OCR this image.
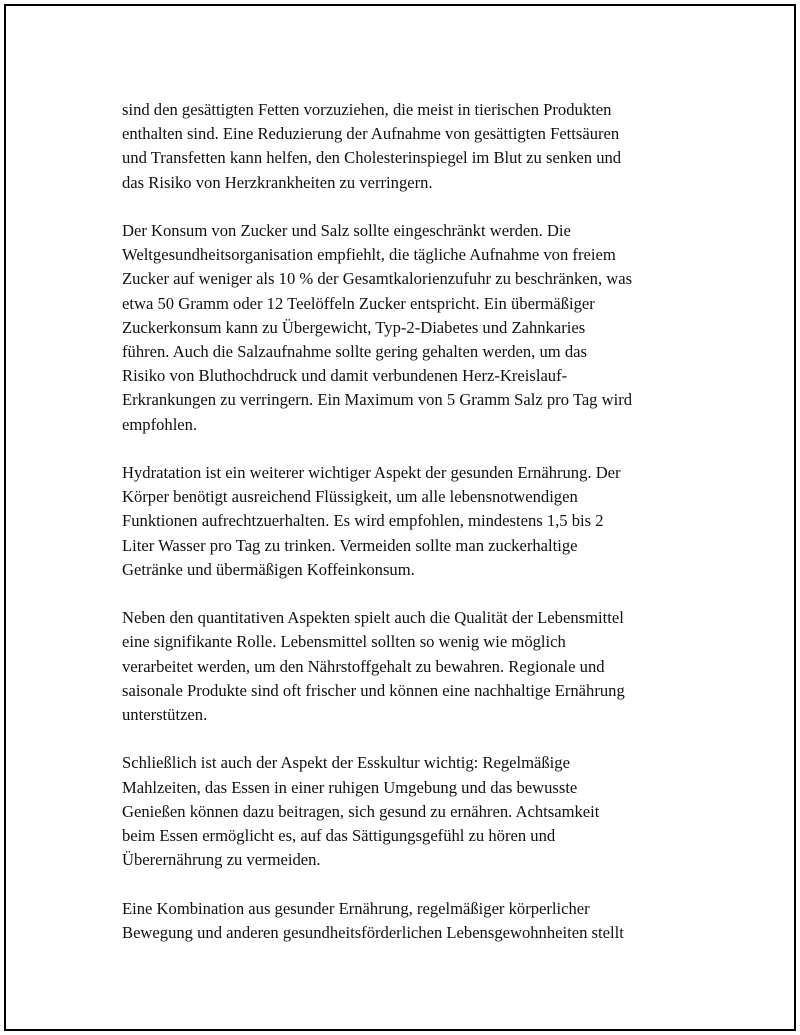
sind den gesättigten Fetten vorzuziehen, die meist in tierischen Produkten
enthalten sind. Eine Reduzierung der Aufnahme von gesättigten Fettsäuren
und Transfetten kann helfen, den Cholesterinspiegel im Blut zu senken und
das Risiko von Herzkrankheiten zu verringern.

Der Konsum von Zucker und Salz sollte eingeschränkt werden. Die
Weltgesundheitsorganisation empfiehlt, die tägliche Aufnahme von freiem
Zucker auf weniger als 10 % der Gesamtkalorienzufuhr zu beschränken, was
etwa 50 Gramm oder 12 Teelöffeln Zucker entspricht. Ein übermäßiger
Zuckerkonsum kann zu Übergewicht, Typ-2-Diabetes und Zahnkaries
führen. Auch die Salzaufnahme sollte gering gehalten werden, um das
Risiko von Bluthochdruck und damit verbundenen Herz-Kreislauf-
Erkrankungen zu verringern. Ein Maximum von 5 Gramm Salz pro Tag wird
empfohlen.

Hydratation ist ein weiterer wichtiger Aspekt der gesunden Ernährung. Der
Körper benötigt ausreichend Flüssigkeit, um alle lebensnotwendigen
Funktionen aufrechtzuerhalten. Es wird empfohlen, mindestens 1,5 bis 2
Liter Wasser pro Tag zu trinken. Vermeiden sollte man zuckerhaltige
Getränke und übermäßigen Koffeinkonsum.

Neben den quantitativen Aspekten spielt auch die Qualität der Lebensmittel
eine signifikante Rolle. Lebensmittel sollten so wenig wie möglich
verarbeitet werden, um den Nährstoffgehalt zu bewahren. Regionale und
saisonale Produkte sind oft frischer und können eine nachhaltige Ernährung
unterstützen.

Schließlich ist auch der Aspekt der Esskultur wichtig: Regelmäßige
Mahlzeiten, das Essen in einer ruhigen Umgebung und das bewusste
Genießen können dazu beitragen, sich gesund zu ernähren. Achtsamkeit
beim Essen ermöglicht es, auf das Sättigungsgefühl zu hören und
Überernährung zu vermeiden.

Eine Kombination aus gesunder Ernährung, regelmäßiger körperlicher
Bewegung und anderen gesundheitsförderlichen Lebensgewohnheiten stellt
